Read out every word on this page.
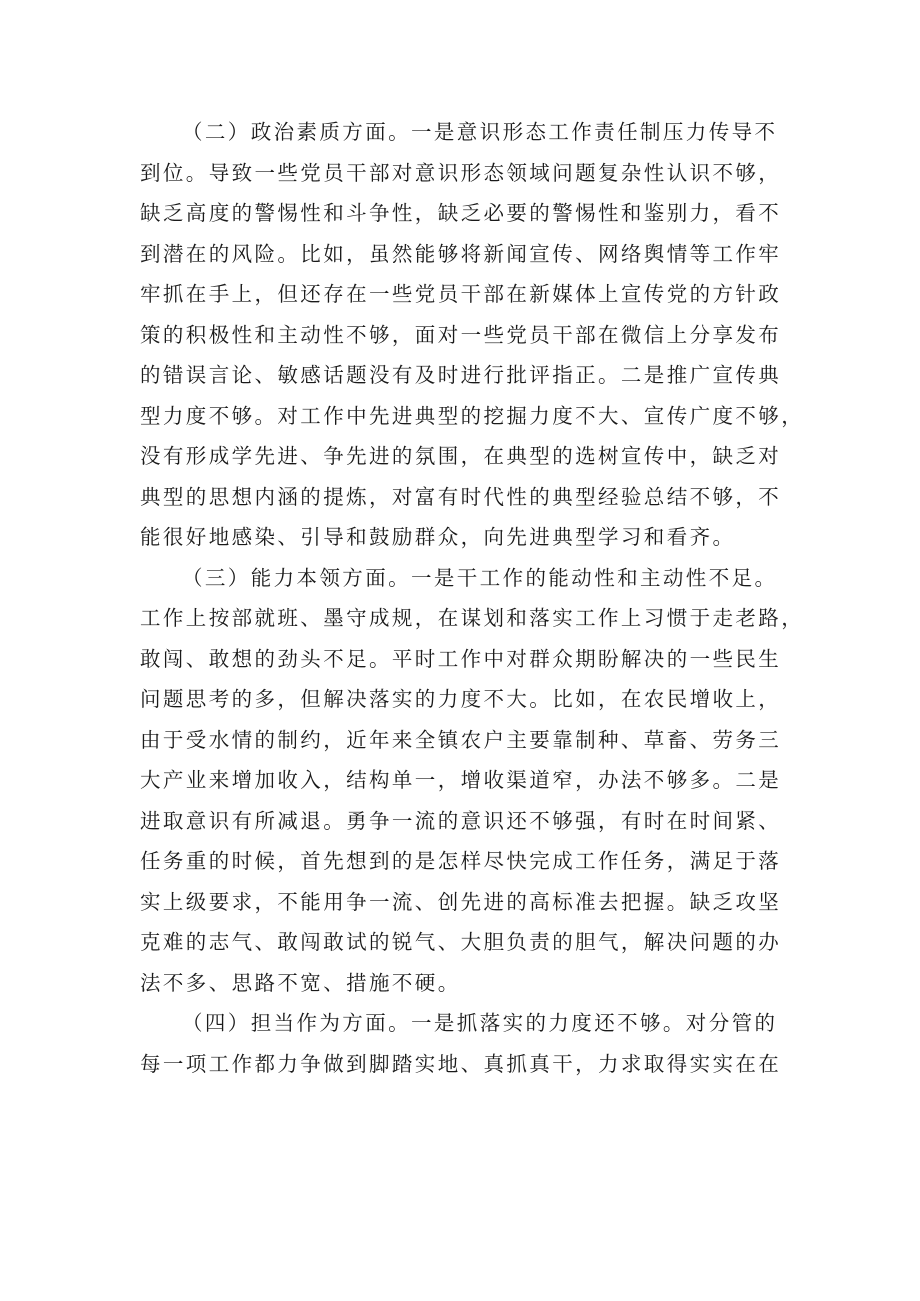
（二）政治素质方面。一是意识形态工作责任制压力传导不
到位。导致一些党员干部对意识形态领域问题复杂性认识不够，
缺乏高度的警惕性和斗争性，缺乏必要的警惕性和鉴别力，看不
到潜在的风险。比如，虽然能够将新闻宣传、网络舆情等工作牢
牢抓在手上，但还存在一些党员干部在新媒体上宣传党的方针政
策的积极性和主动性不够，面对一些党员干部在微信上分享发布
的错误言论、敏感话题没有及时进行批评指正。二是推广宣传典
型力度不够。对工作中先进典型的挖掘力度不大、宣传广度不够，
没有形成学先进、争先进的氛围，在典型的选树宣传中，缺乏对
典型的思想内涵的提炼，对富有时代性的典型经验总结不够，不
能很好地感染、引导和鼓励群众，向先进典型学习和看齐。
（三）能力本领方面。一是干工作的能动性和主动性不足。
工作上按部就班、墨守成规，在谋划和落实工作上习惯于走老路，
敢闯、敢想的劲头不足。平时工作中对群众期盼解决的一些民生
问题思考的多，但解决落实的力度不大。比如，在农民增收上，
由于受水情的制约，近年来全镇农户主要靠制种、草畜、劳务三
大产业来增加收入，结构单一，增收渠道窄，办法不够多。二是
进取意识有所减退。勇争一流的意识还不够强，有时在时间紧、
任务重的时候，首先想到的是怎样尽快完成工作任务，满足于落
实上级要求，不能用争一流、创先进的高标准去把握。缺乏攻坚
克难的志气、敢闯敢试的锐气、大胆负责的胆气，解决问题的办
法不多、思路不宽、措施不硬。
（四）担当作为方面。一是抓落实的力度还不够。对分管的
每一项工作都力争做到脚踏实地、真抓真干，力求取得实实在在
